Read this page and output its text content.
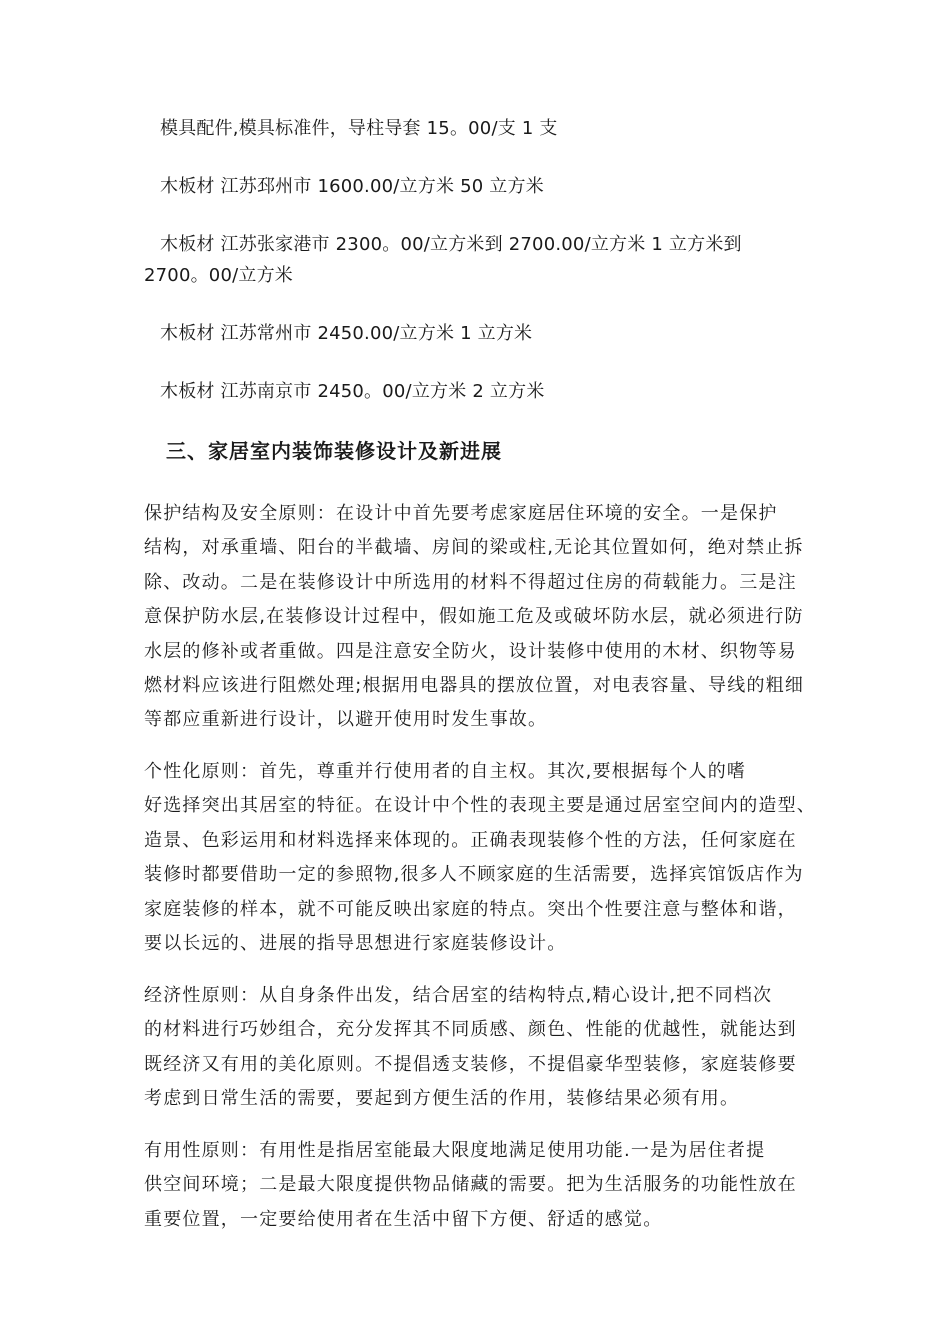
模具配件,模具标准件，导柱导套 15。00/支 1 支
木板材 江苏邳州市 1600.00/立方米 50 立方米
木板材 江苏张家港市 2300。00/立方米到 2700.00/立方米 1 立方米到
2700。00/立方米
木板材 江苏常州市 2450.00/立方米 1 立方米
木板材 江苏南京市 2450。00/立方米 2 立方米
三、家居室内装饰装修设计及新进展

保护结构及安全原则：在设计中首先要考虑家庭居住环境的安全。一是保护

结构，对承重墙、阳台的半截墙、房间的梁或柱,无论其位置如何，绝对禁止拆

除、改动。二是在装修设计中所选用的材料不得超过住房的荷载能力。三是注

意保护防水层,在装修设计过程中，假如施工危及或破坏防水层，就必须进行防

水层的修补或者重做。四是注意安全防火，设计装修中使用的木材、织物等易

燃材料应该进行阻燃处理;根据用电器具的摆放位置，对电表容量、导线的粗细

等都应重新进行设计，以避开使用时发生事故。

个性化原则：首先，尊重并行使用者的自主权。其次,要根据每个人的嗜

好选择突出其居室的特征。在设计中个性的表现主要是通过居室空间内的造型、

造景、色彩运用和材料选择来体现的。正确表现装修个性的方法，任何家庭在

装修时都要借助一定的参照物,很多人不顾家庭的生活需要，选择宾馆饭店作为

家庭装修的样本，就不可能反映出家庭的特点。突出个性要注意与整体和谐，

要以长远的、进展的指导思想进行家庭装修设计。

经济性原则：从自身条件出发，结合居室的结构特点,精心设计,把不同档次

的材料进行巧妙组合，充分发挥其不同质感、颜色、性能的优越性，就能达到

既经济又有用的美化原则。不提倡透支装修，不提倡豪华型装修，家庭装修要

考虑到日常生活的需要，要起到方便生活的作用，装修结果必须有用。

有用性原则：有用性是指居室能最大限度地满足使用功能.一是为居住者提

供空间环境；二是最大限度提供物品储藏的需要。把为生活服务的功能性放在

重要位置，一定要给使用者在生活中留下方便、舒适的感觉。
